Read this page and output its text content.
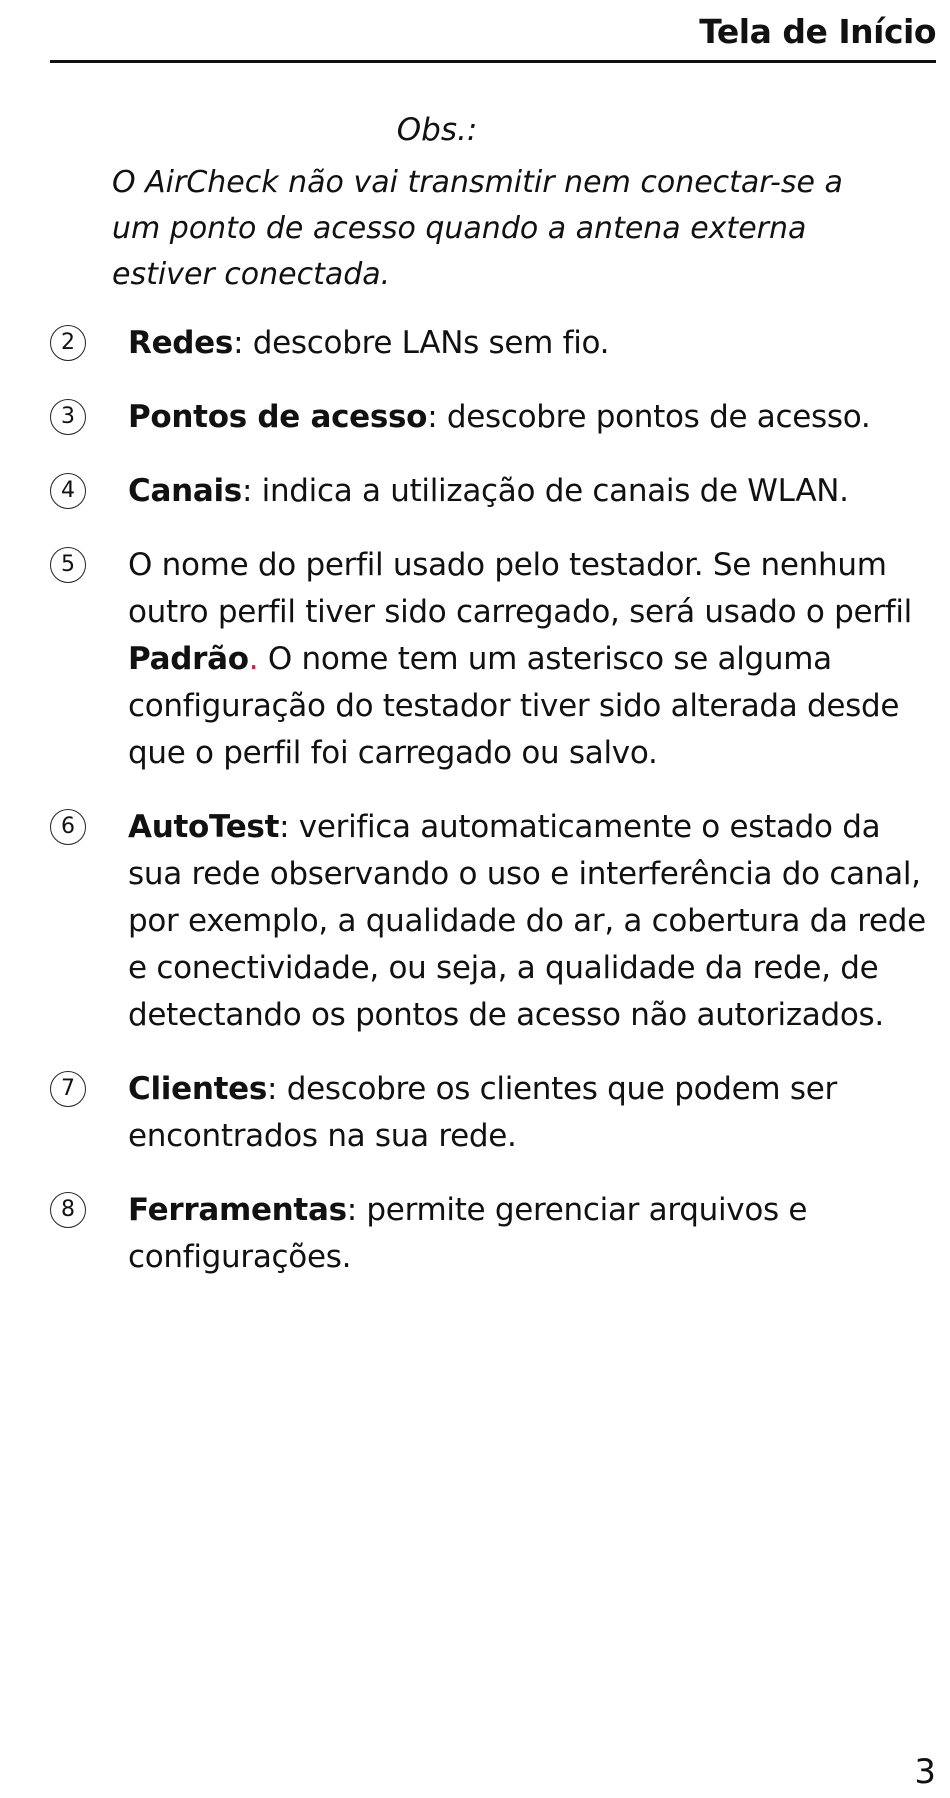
Tela de Início
Obs.:
O AirCheck não vai transmitir nem conectar-se a um ponto de acesso quando a antena externa estiver conectada.
2	Redes: descobre LANs sem fio.
3	Pontos de acesso: descobre pontos de acesso.
4	Canais: indica a utilização de canais de WLAN.
5	O nome do perfil usado pelo testador. Se nenhum outro perfil tiver sido carregado, será usado o perfil Padrão. O nome tem um asterisco se alguma configuração do testador tiver sido alterada desde que o perfil foi carregado ou salvo.
6	AutoTest: verifica automaticamente o estado da sua rede observando o uso e interferência do canal, por exemplo, a qualidade do ar, a cobertura da rede e conectividade, ou seja, a qualidade da rede, de detectando os pontos de acesso não autorizados.
7	Clientes: descobre os clientes que podem ser encontrados na sua rede.
8	Ferramentas: permite gerenciar arquivos e configurações.
3
